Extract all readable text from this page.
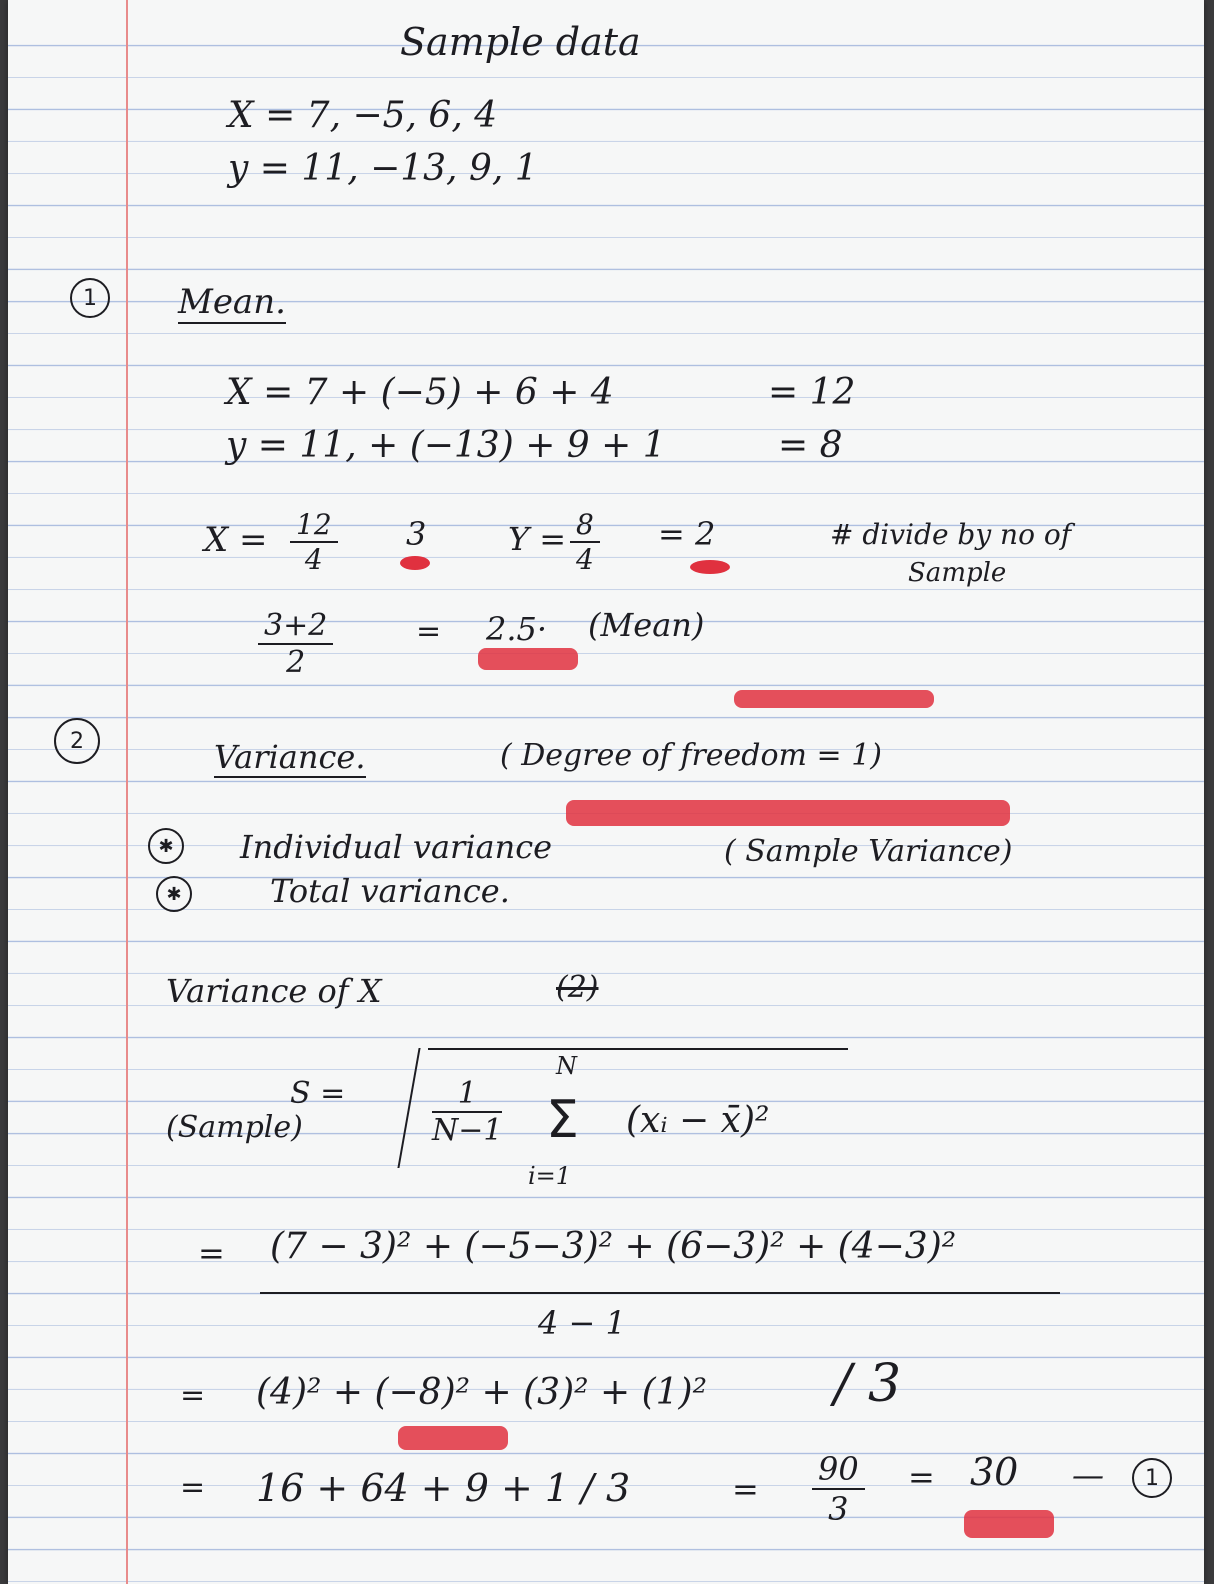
Sample data
X = 7, −5, 6, 4
y = 11, −13, 9, 1
1 Mean.
X = 7 + (−5) + 6 + 4	= 12
y = 11, + (−13) + 9 + 1	= 8
$X = \frac{12}{4} 3$	$Y = \frac{8}{4} = 2$	# divide by no of
Sample
$\frac{3+2}{2}$	= 2.5· (Mean)
2	Variance.	( Degree of freedom = 1)
✱ Individual variance	( Sample Variance)
✱	Total variance.
Variance of X	(2)
S =
(Sample)	$\frac{1}{N-1}$
N
Σ
i=1
(xᵢ − x̄)²
= (7 − 3)² + (−5−3)² + (6−3)² + (4−3)²
4 − 1
= (4)² + (−8)² + (3)² + (1)² / 3
= 16 + 64 + 9 + 1 / 3	= $\frac{90}{3} = 30$ — 1
